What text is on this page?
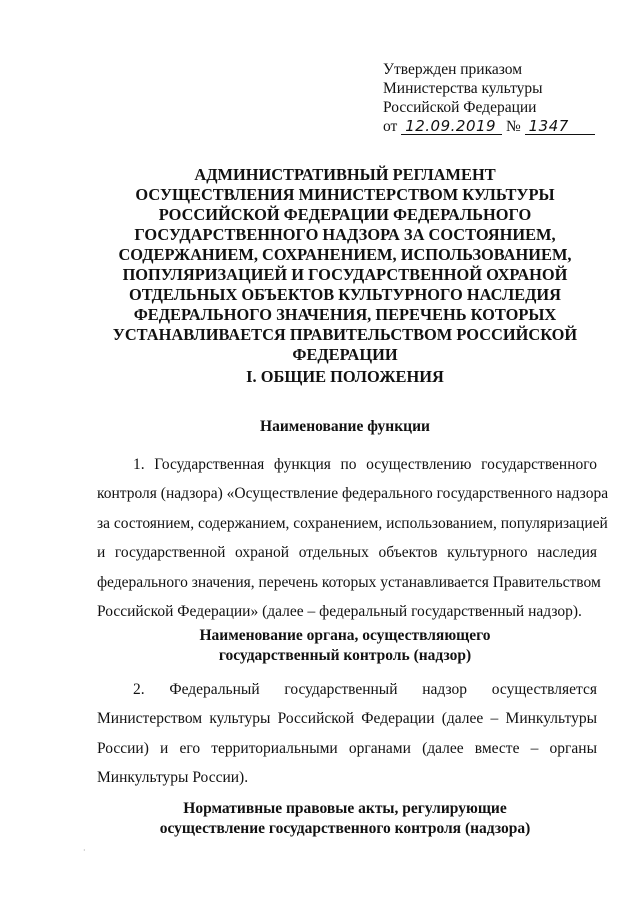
Утвержден приказом
Министерства культуры
Российской Федерации
от 12.09.2019 № 1347
АДМИНИСТРАТИВНЫЙ РЕГЛАМЕНТ
ОСУЩЕСТВЛЕНИЯ МИНИСТЕРСТВОМ КУЛЬТУРЫ
РОССИЙСКОЙ ФЕДЕРАЦИИ ФЕДЕРАЛЬНОГО
ГОСУДАРСТВЕННОГО НАДЗОРА ЗА СОСТОЯНИЕМ,
СОДЕРЖАНИЕМ, СОХРАНЕНИЕМ, ИСПОЛЬЗОВАНИЕМ,
ПОПУЛЯРИЗАЦИЕЙ И ГОСУДАРСТВЕННОЙ ОХРАНОЙ
ОТДЕЛЬНЫХ ОБЪЕКТОВ КУЛЬТУРНОГО НАСЛЕДИЯ
ФЕДЕРАЛЬНОГО ЗНАЧЕНИЯ, ПЕРЕЧЕНЬ КОТОРЫХ
УСТАНАВЛИВАЕТСЯ ПРАВИТЕЛЬСТВОМ РОССИЙСКОЙ
ФЕДЕРАЦИИ
I. ОБЩИЕ ПОЛОЖЕНИЯ
Наименование функции
1. Государственная функция по осуществлению государственного
контроля (надзора) «Осуществление федерального государственного надзора
за состоянием, содержанием, сохранением, использованием, популяризацией
и государственной охраной отдельных объектов культурного наследия
федерального значения, перечень которых устанавливается Правительством
Российской Федерации» (далее – федеральный государственный надзор).
Наименование органа, осуществляющего
государственный контроль (надзор)
2. Федеральный государственный надзор осуществляется
Министерством культуры Российской Федерации (далее – Минкультуры
России) и его территориальными органами (далее вместе – органы
Минкультуры России).
Нормативные правовые акты, регулирующие
осуществление государственного контроля (надзора)
·
